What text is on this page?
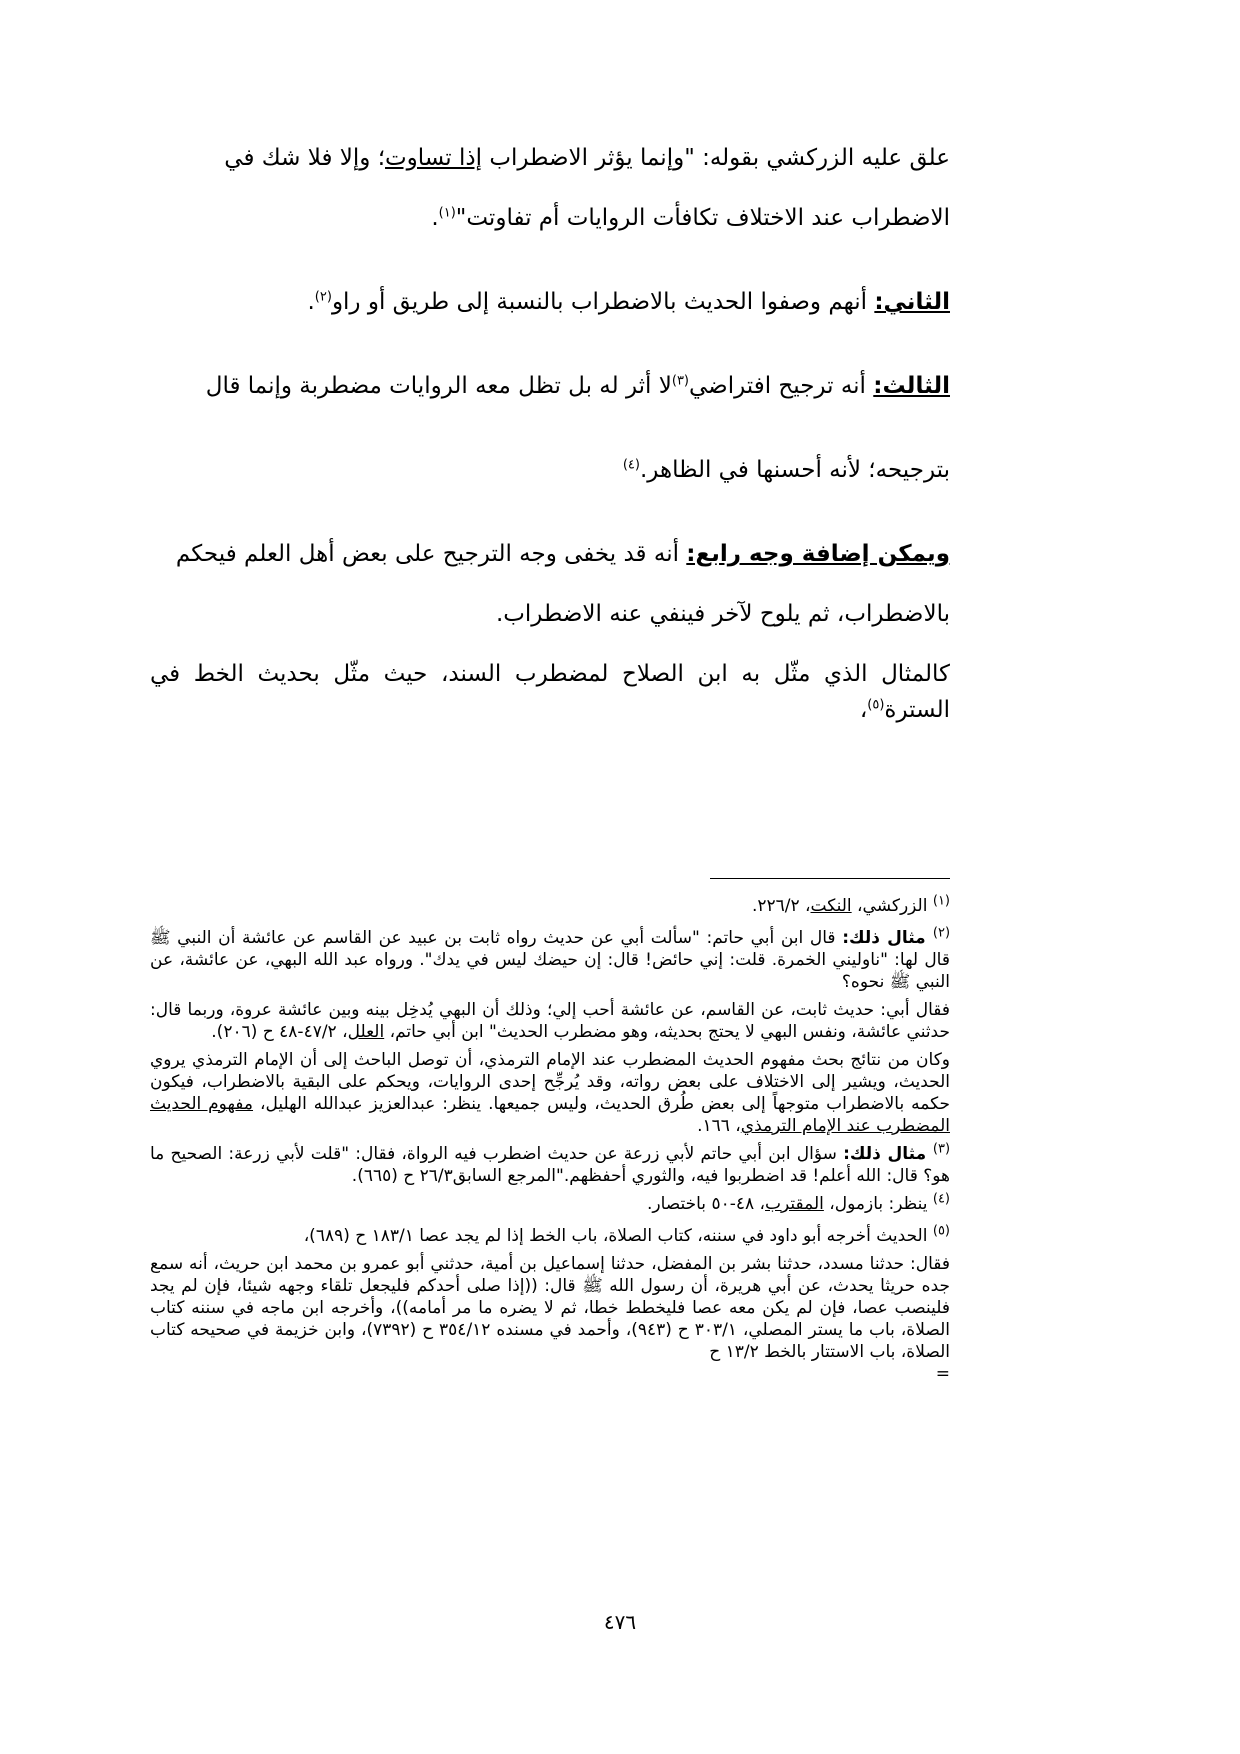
علق عليه الزركشي بقوله: "وإنما يؤثر الاضطراب إذا تساوت؛ وإلا فلا شك في
الاضطراب عند الاختلاف تكافأت الروايات أم تفاوتت"$^{(١)}$.

الثاني: أنهم وصفوا الحديث بالاضطراب بالنسبة إلى طريق أو راو$^{(٢)}$.

الثالث: أنه ترجيح افتراضي$^{(٣)}$لا أثر له بل تظل معه الروايات مضطربة وإنما قال
بترجيحه؛ لأنه أحسنها في الظاهر.$^{(٤)}$

ويمكن إضافة وجه رابع: أنه قد يخفى وجه الترجيح على بعض أهل العلم فيحكم
بالاضطراب، ثم يلوح لآخر فينفي عنه الاضطراب.

كالمثال الذي مثّل به ابن الصلاح لمضطرب السند، حيث مثّل بحديث الخط في السترة$^{(٥)}$،

$^{(١)}$ الزركشي، النكت، ٢٢٦/٢.

$^{(٢)}$ مثال ذلك: قال ابن أبي حاتم: "سألت أبي عن حديث رواه ثابت بن عبيد عن القاسم عن عائشة أن النبي ﷺ قال لها: "ناوليني الخمرة. قلت: إني حائض! قال: إن حيضك ليس في يدك". ورواه عبد الله البهي، عن عائشة، عن النبي ﷺ نحوه؟

فقال أبي: حديث ثابت، عن القاسم، عن عائشة أحب إلي؛ وذلك أن البهي يُدخِل بينه وبين عائشة عروة، وربما قال: حدثني عائشة، ونفس البهي لا يحتج بحديثه، وهو مضطرب الحديث" ابن أبي حاتم، العلل، ٤٧/٢-٤٨ ح (٢٠٦).

وكان من نتائج بحث مفهوم الحديث المضطرب عند الإمام الترمذي، أن توصل الباحث إلى أن الإمام الترمذي يروي الحديث، ويشير إلى الاختلاف على بعض رواته، وقد يُرجِّح إحدى الروايات، ويحكم على البقية بالاضطراب، فيكون حكمه بالاضطراب متوجهاً إلى بعض طُرق الحديث، وليس جميعها. ينظر: عبدالعزيز عبدالله الهليل، مفهوم الحديث المضطرب عند الإمام الترمذي، ١٦٦.

$^{(٣)}$ مثال ذلك: سؤال ابن أبي حاتم لأبي زرعة عن حديث اضطرب فيه الرواة، فقال: "قلت لأبي زرعة: الصحيح ما هو؟ قال: الله أعلم! قد اضطربوا فيه، والثوري أحفظهم."المرجع السابق٢٦/٣ ح (٦٦٥).

$^{(٤)}$ ينظر: بازمول، المقترب، ٤٨-٥٠ باختصار.

$^{(٥)}$ الحديث أخرجه أبو داود في سننه، كتاب الصلاة، باب الخط إذا لم يجد عصا ١٨٣/١ ح (٦٨٩)،

فقال: حدثنا مسدد، حدثنا بشر بن المفضل، حدثنا إسماعيل بن أمية، حدثني أبو عمرو بن محمد ابن حريث، أنه سمع جده حريثا يحدث، عن أبي هريرة، أن رسول الله ﷺ قال: ((إذا صلى أحدكم فليجعل تلقاء وجهه شيئا، فإن لم يجد فلينصب عصا، فإن لم يكن معه عصا فليخطط خطا، ثم لا يضره ما مر أمامه))، وأخرجه ابن ماجه في سننه كتاب الصلاة، باب ما يستر المصلي، ٣٠٣/١ ح (٩٤٣)، وأحمد في مسنده ٣٥٤/١٢ ح (٧٣٩٢)، وابن خزيمة في صحيحه كتاب الصلاة، باب الاستتار بالخط ١٣/٢ ح

=

٤٧٦
